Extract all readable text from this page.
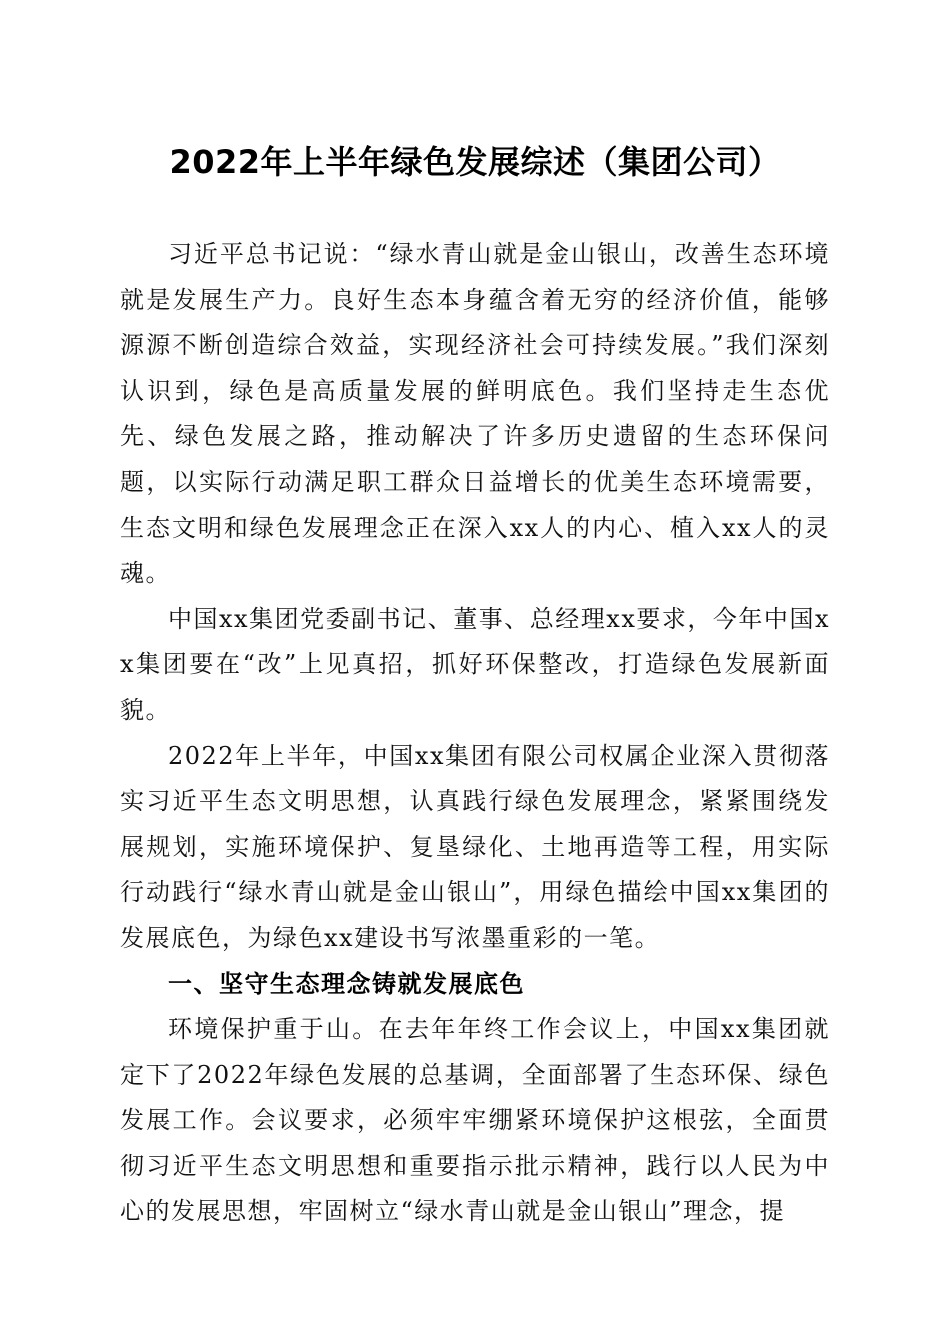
2022年上半年绿色发展综述（集团公司）

习近平总书记说：“绿水青山就是金山银山，改善生态环境就是发展生产力。良好生态本身蕴含着无穷的经济价值，能够源源不断创造综合效益，实现经济社会可持续发展。”我们深刻认识到，绿色是高质量发展的鲜明底色。我们坚持走生态优先、绿色发展之路，推动解决了许多历史遗留的生态环保问题，以实际行动满足职工群众日益增长的优美生态环境需要，生态文明和绿色发展理念正在深入xx人的内心、植入xx人的灵魂。

中国xx集团党委副书记、董事、总经理xx要求，今年中国xx集团要在“改”上见真招，抓好环保整改，打造绿色发展新面貌。

2022年上半年，中国xx集团有限公司权属企业深入贯彻落实习近平生态文明思想，认真践行绿色发展理念，紧紧围绕发展规划，实施环境保护、复垦绿化、土地再造等工程，用实际行动践行“绿水青山就是金山银山”，用绿色描绘中国xx集团的发展底色，为绿色xx建设书写浓墨重彩的一笔。

一、坚守生态理念铸就发展底色

环境保护重于山。在去年年终工作会议上，中国xx集团就定下了2022年绿色发展的总基调，全面部署了生态环保、绿色发展工作。会议要求，必须牢牢绷紧环境保护这根弦，全面贯彻习近平生态文明思想和重要指示批示精神，践行以人民为中心的发展思想，牢固树立“绿水青山就是金山银山”理念，提
